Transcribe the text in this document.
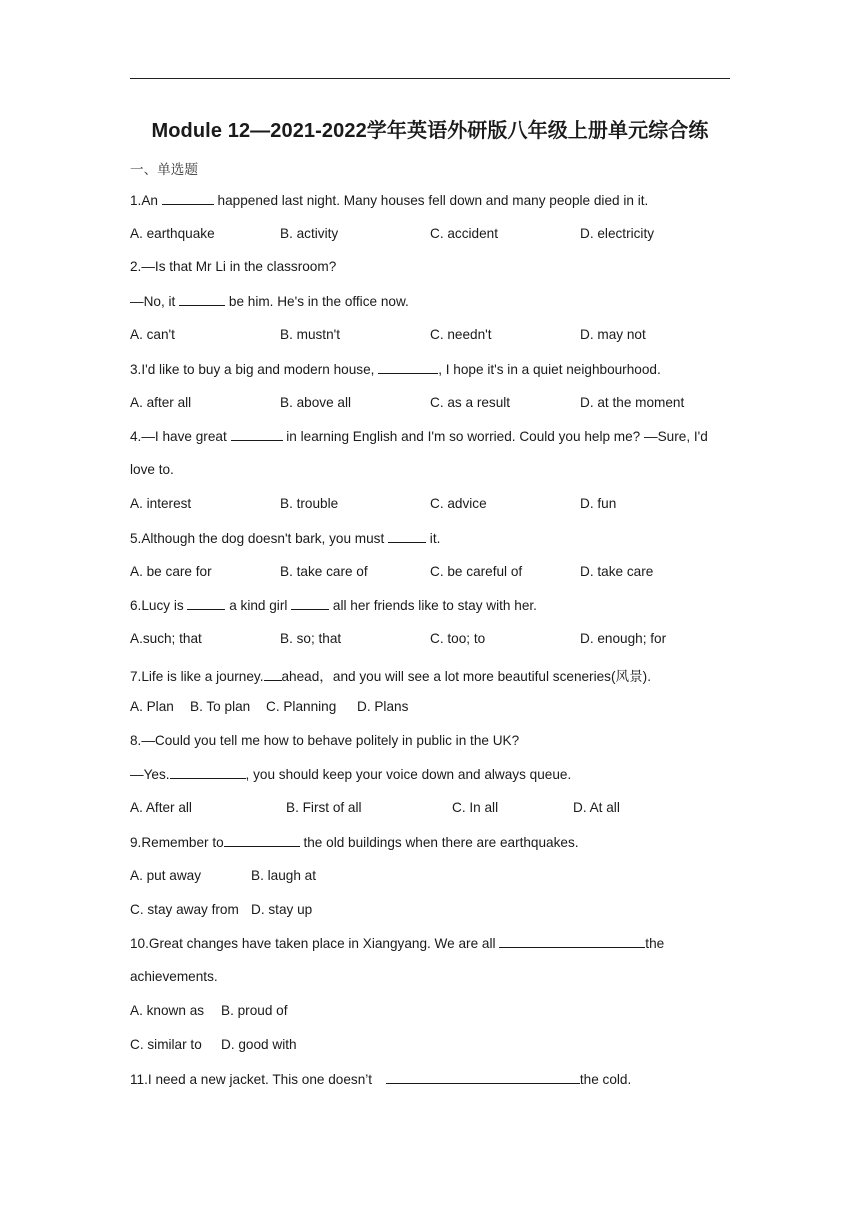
Module 12—2021-2022学年英语外研版八年级上册单元综合练
一、单选题
1.An	happened last night. Many houses fell down and many people died in it.
A. earthquake	B. activity	C. accident	D. electricity
2.—Is that Mr Li in the classroom?
—No, it	be him. He's in the office now.
A. can't	B. mustn't	C. needn't	D. may not
3.I'd like to buy a big and modern house,	, I hope it's in a quiet neighbourhood.
A. after all	B. above all	C. as a result	D. at the moment
4.—I have great	in learning English and I'm so worried. Could you help me? —Sure, I'd
love to.
A. interest	B. trouble	C. advice	D. fun
5.Although the dog doesn't bark, you must	it.
A. be care for	B. take care of	C. be careful of	D. take care
6.Lucy is	a kind girl	all her friends like to stay with her.
A.such; that	B. so; that	C. too; to	D. enough; for
7.Life is like a journey. ahead，and you will see a lot more beautiful sceneries(风景).
A. Plan B. To plan C. Planning D. Plans
8.—Could you tell me how to behave politely in public in the UK?
—Yes.	, you should keep your voice down and always queue.
A. After all	B. First of all	C. In all	D. At all
9.Remember to	the old buildings when there are earthquakes.
A. put away	B. laugh at
C. stay away from D. stay up
10.Great changes have taken place in Xiangyang. We are all	the
achievements.
A. known as B. proud of
C. similar to D. good with
11.I need a new jacket. This one doesn’t	the cold.
